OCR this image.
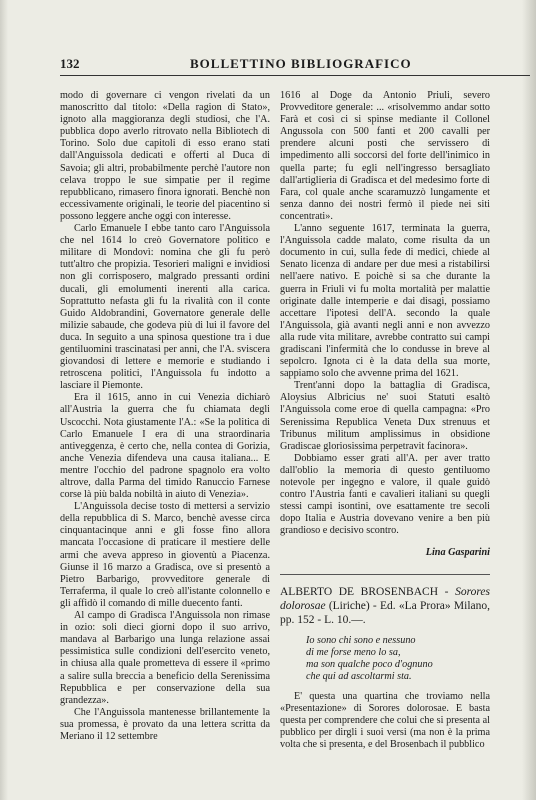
132	BOLLETTINO BIBLIOGRAFICO

modo di governare ci vengon rivelati da un manoscritto dal titolo: «Della ragion di Stato», ignoto alla maggioranza degli studiosi, che l'A. pubblica dopo averlo ritrovato nella Bibliotech di Torino. Solo due capitoli di esso erano stati dall'Anguissola dedicati e offerti al Duca di Savoia; gli altri, probabilmente perchè l'autore non celava troppo le sue simpatie per il regime repubblicano, rimasero finora ignorati. Benchè non eccessivamente originali, le teorie del piacentino si possono leggere anche oggi con interesse.

Carlo Emanuele I ebbe tanto caro l'Anguissola che nel 1614 lo creò Governatore politico e militare di Mondovì: nomina che gli fu però tutt'altro che propizia. Tesorieri maligni e invidiosi non gli corrisposero, malgrado pressanti ordini ducali, gli emolumenti inerenti alla carica. Soprattutto nefasta gli fu la rivalità con il conte Guido Aldobrandini, Governatore generale delle milizie sabaude, che godeva più di lui il favore del duca. In seguito a una spinosa questione tra i due gentiluomini trascinatasi per anni, che l'A. sviscera giovandosi di lettere e memorie e studiando i retroscena politici, l'Anguissola fu indotto a lasciare il Piemonte.

Era il 1615, anno in cui Venezia dichiarò all'Austria la guerra che fu chiamata degli Uscocchi. Nota giustamente l'A.: «Se la politica di Carlo Emanuele I era di una straordinaria antiveggenza, è certo che, nella contea di Gorizia, anche Venezia difendeva una causa italiana... E mentre l'occhio del padrone spagnolo era volto altrove, dalla Parma del timido Ranuccio Farnese corse là più balda nobiltà in aiuto di Venezia».

L'Anguissola decise tosto di mettersi a servizio della repubblica di S. Marco, benchè avesse circa cinquantacinque anni e gli fosse fino allora mancata l'occasione di praticare il mestiere delle armi che aveva appreso in gioventù a Piacenza. Giunse il 16 marzo a Gradisca, ove si presentò a Pietro Barbarigo, provveditore generale di Terraferma, il quale lo creò all'istante colonnello e gli affidò il comando di mille duecento fanti.

Al campo di Gradisca l'Anguissola non rimase in ozio: soli dieci giorni dopo il suo arrivo, mandava al Barbarigo una lunga relazione assai pessimistica sulle condizioni dell'esercito veneto, in chiusa alla quale prometteva di essere il «primo a salire sulla breccia a beneficio della Serenissima Repubblica e per conservazione della sua grandezza».

Che l'Anguissola mantenesse brillantemente la sua promessa, è provato da una lettera scritta da Meriano il 12 settembre

1616 al Doge da Antonio Priuli, severo Provveditore generale: ... «risolvemmo andar sotto Farà et così ci si spinse mediante il Collonel Angussola con 500 fanti et 200 cavalli per prendere alcuni posti che servissero di impedimento alli soccorsi del forte dell'inimico in quella parte; fu egli nell'ingresso bersagliato dall'artiglieria di Gradisca et del medesimo forte di Fara, col quale anche scaramuzzò lungamente et senza danno dei nostri fermò il piede nei siti concentrati».

L'anno seguente 1617, terminata la guerra, l'Anguissola cadde malato, come risulta da un documento in cui, sulla fede di medici, chiede al Senato licenza di andare per due mesi a ristabilirsi nell'aere nativo. E poichè si sa che durante la guerra in Friuli vi fu molta mortalità per malattie originate dalle intemperie e dai disagi, possiamo accettare l'ipotesi dell'A. secondo la quale l'Anguissola, già avanti negli anni e non avvezzo alla rude vita militare, avrebbe contratto sui campi gradiscani l'infermità che lo condusse in breve al sepolcro. Ignota ci è la data della sua morte, sappiamo solo che avvenne prima del 1621.

Trent'anni dopo la battaglia di Gradisca, Aloysius Albricius ne' suoi Statuti esaltò l'Anguissola come eroe di quella campagna: «Pro Serenissima Republica Veneta Dux strenuus et Tribunus militum amplissimus in obsidione Gradiscae gloriosissima perpetravit facinora».

Dobbiamo esser grati all'A. per aver tratto dall'oblio la memoria di questo gentiluomo notevole per ingegno e valore, il quale guidò contro l'Austria fanti e cavalieri italiani su quegli stessi campi isontini, ove esattamente tre secoli dopo Italia e Austria dovevano venire a ben più grandioso e decisivo scontro.

Lina Gasparini

ALBERTO DE BROSENBACH - Sorores dolorosae (Liriche) - Ed. «La Prora» Milano, pp. 152 - L. 10.—.

Io sono chi sono e nessuno
di me forse meno lo sa,
ma son qualche poco d'ognuno
che qui ad ascoltarmi sta.

E' questa una quartina che troviamo nella «Presentazione» di Sorores dolorosae. E basta questa per comprendere che colui che si presenta al pubblico per dirgli i suoi versi (ma non è la prima volta che si presenta, e del Brosenbach il pubblico
